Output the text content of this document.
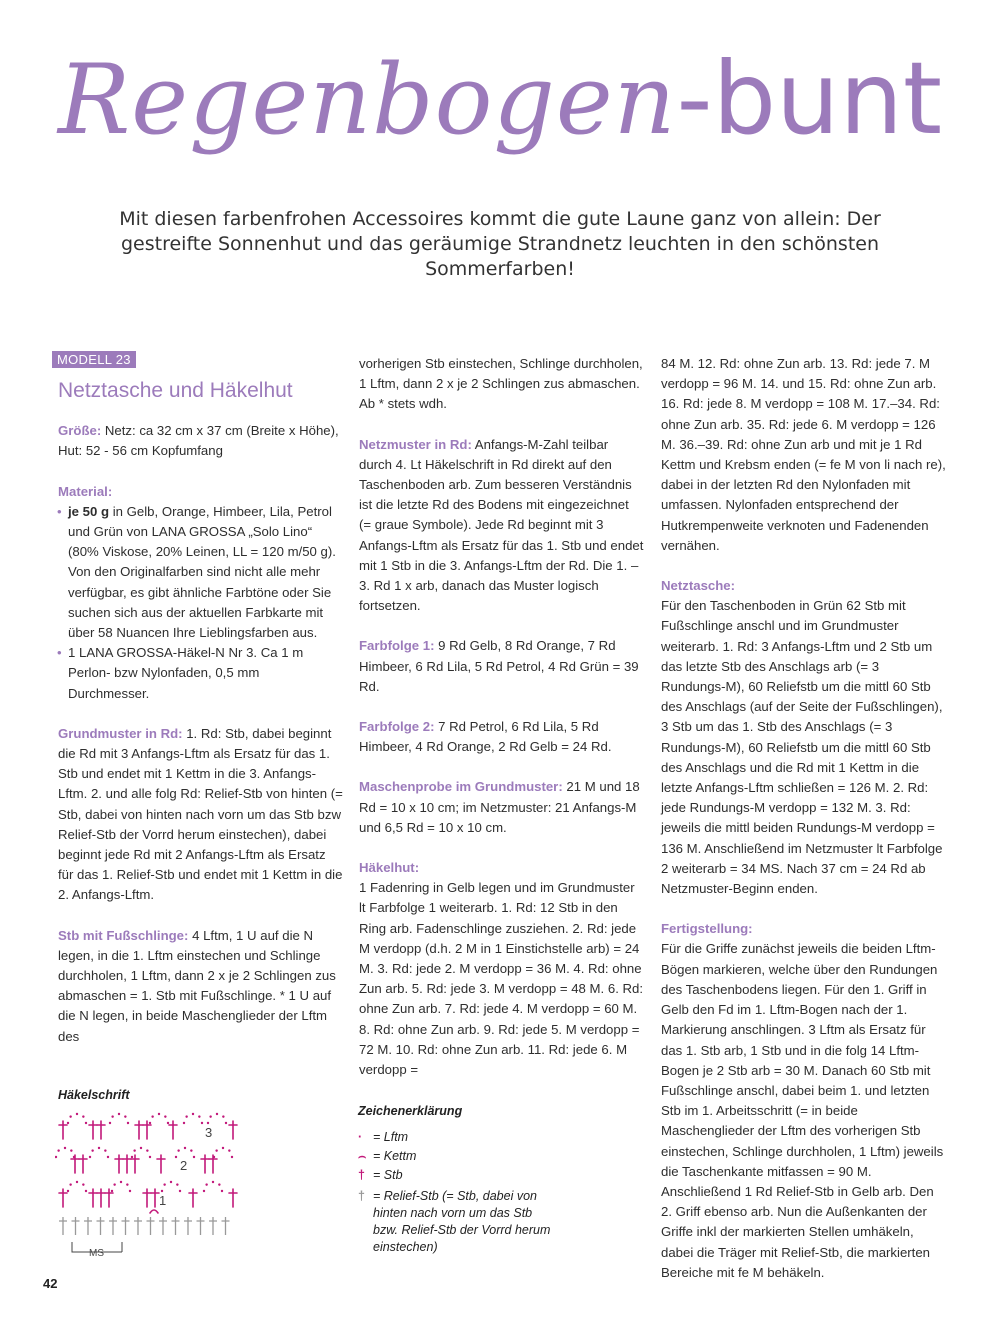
Regenbogen-bunt
Mit diesen farbenfrohen Accessoires kommt die gute Laune ganz von allein: Der gestreifte Sonnenhut und das geräumige Strandnetz leuchten in den schönsten Sommerfarben!
MODELL 23
Netztasche und Häkelhut

Größe: Netz: ca 32 cm x 37 cm (Breite x Höhe), Hut: 52 - 56 cm Kopfumfang

Material:
• je 50 g in Gelb, Orange, Himbeer, Lila, Petrol und Grün von LANA GROSSA „Solo Lino“ (80% Viskose, 20% Leinen, LL = 120 m/50 g). Von den Originalfarben sind nicht alle mehr verfügbar, es gibt ähnliche Farbtöne oder Sie suchen sich aus der aktuellen Farbkarte mit über 58 Nuancen Ihre Lieblingsfarben aus.

• 1 LANA GROSSA-Häkel-N Nr 3. Ca 1 m Perlon- bzw Nylonfaden, 0,5 mm Durchmesser.

Grundmuster in Rd: 1. Rd: Stb, dabei beginnt die Rd mit 3 Anfangs-Lftm als Ersatz für das 1. Stb und endet mit 1 Kettm in die 3. Anfangs-Lftm. 2. und alle folg Rd: Relief-Stb von hinten (= Stb, dabei von hinten nach vorn um das Stb bzw Relief-Stb der Vorrd herum einstechen), dabei beginnt jede Rd mit 2 Anfangs-Lftm als Ersatz für das 1. Relief-Stb und endet mit 1 Kettm in die 2. Anfangs-Lftm.

Stb mit Fußschlinge: 4 Lftm, 1 U auf die N legen, in die 1. Lftm einstechen und Schlinge durchholen, 1 Lftm, dann 2 x je 2 Schlingen zus abmaschen = 1. Stb mit Fußschlinge. * 1 U auf die N legen, in beide Maschenglieder der Lftm des

vorherigen Stb einstechen, Schlinge durchholen, 1 Lftm, dann 2 x je 2 Schlingen zus abmaschen. Ab * stets wdh.

Netzmuster in Rd: Anfangs-M-Zahl teilbar durch 4. Lt Häkelschrift in Rd direkt auf den Taschenboden arb. Zum besseren Verständnis ist die letzte Rd des Bodens mit eingezeichnet (= graue Symbole). Jede Rd beginnt mit 3 Anfangs-Lftm als Ersatz für das 1. Stb und endet mit 1 Stb in die 3. Anfangs-Lftm der Rd. Die 1. – 3. Rd 1 x arb, danach das Muster logisch fortsetzen.

Farbfolge 1: 9 Rd Gelb, 8 Rd Orange, 7 Rd Himbeer, 6 Rd Lila, 5 Rd Petrol, 4 Rd Grün = 39 Rd.

Farbfolge 2: 7 Rd Petrol, 6 Rd Lila, 5 Rd Himbeer, 4 Rd Orange, 2 Rd Gelb = 24 Rd.

Maschenprobe im Grundmuster: 21 M und 18 Rd = 10 x 10 cm; im Netzmuster: 21 Anfangs-M und 6,5 Rd = 10 x 10 cm.

Häkelhut:

1 Fadenring in Gelb legen und im Grundmuster lt Farbfolge 1 weiterarb. 1. Rd: 12 Stb in den Ring arb. Fadenschlinge zusziehen. 2. Rd: jede M verdopp (d.h. 2 M in 1 Einstichstelle arb) = 24 M. 3. Rd: jede 2. M verdopp = 36 M. 4. Rd: ohne Zun arb. 5. Rd: jede 3. M verdopp = 48 M. 6. Rd: ohne Zun arb. 7. Rd: jede 4. M verdopp = 60 M. 8. Rd: ohne Zun arb. 9. Rd: jede 5. M verdopp = 72 M. 10. Rd: ohne Zun arb. 11. Rd: jede 6. M verdopp =

84 M. 12. Rd: ohne Zun arb. 13. Rd: jede 7. M verdopp = 96 M. 14. und 15. Rd: ohne Zun arb. 16. Rd: jede 8. M verdopp = 108 M. 17.–34. Rd: ohne Zun arb. 35. Rd: jede 6. M verdopp = 126 M. 36.–39. Rd: ohne Zun arb und mit je 1 Rd Kettm und Krebsm enden (= fe M von li nach re), dabei in der letzten Rd den Nylonfaden mit umfassen. Nylonfaden entsprechend der Hutkrempenweite verknoten und Fadenenden vernähen.

Netztasche:

Für den Taschenboden in Grün 62 Stb mit Fußschlinge anschl und im Grundmuster weiterarb. 1. Rd: 3 Anfangs-Lftm und 2 Stb um das letzte Stb des Anschlags arb (= 3 Rundungs-M), 60 Reliefstb um die mittl 60 Stb des Anschlags (auf der Seite der Fußschlingen), 3 Stb um das 1. Stb des Anschlags (= 3 Rundungs-M), 60 Reliefstb um die mittl 60 Stb des Anschlags und die Rd mit 1 Kettm in die letzte Anfangs-Lftm schließen = 126 M. 2. Rd: jede Rundungs-M verdopp = 132 M. 3. Rd: jeweils die mittl beiden Rundungs-M verdopp = 136 M. Anschließend im Netzmuster lt Farbfolge 2 weiterarb = 34 MS. Nach 37 cm = 24 Rd ab Netzmuster-Beginn enden.

Fertigstellung:

Für die Griffe zunächst jeweils die beiden Lftm-Bögen markieren, welche über den Rundungen des Taschenbodens liegen. Für den 1. Griff in Gelb den Fd im 1. Lftm-Bogen nach der 1. Markierung anschlingen. 3 Lftm als Ersatz für das 1. Stb arb, 1 Stb und in die folg 14 Lftm-Bogen je 2 Stb arb = 30 M. Danach 60 Stb mit Fußschlinge anschl, dabei beim 1. und letzten Stb im 1. Arbeitsschritt (= in beide Maschenglieder der Lftm des vorherigen Stb einstechen, Schlinge durchholen, 1 Lftm) jeweils die Taschenkante mitfassen = 90 M. Anschließend 1 Rd Relief-Stb in Gelb arb. Den 2. Griff ebenso arb. Nun die Außenkanten der Griffe inkl der markierten Stellen umhäkeln, dabei die Träger mit Relief-Stb, die markierten Bereiche mit fe M behäkeln.

Häkelschrift
3
2
1
MS
Zeichenerklärung
· = Lftm
⌢ = Kettm
† = Stb
† = Relief-Stb (= Stb, dabei von hinten nach vorn um das Stb bzw. Relief-Stb der Vorrd herum einstechen)
42
